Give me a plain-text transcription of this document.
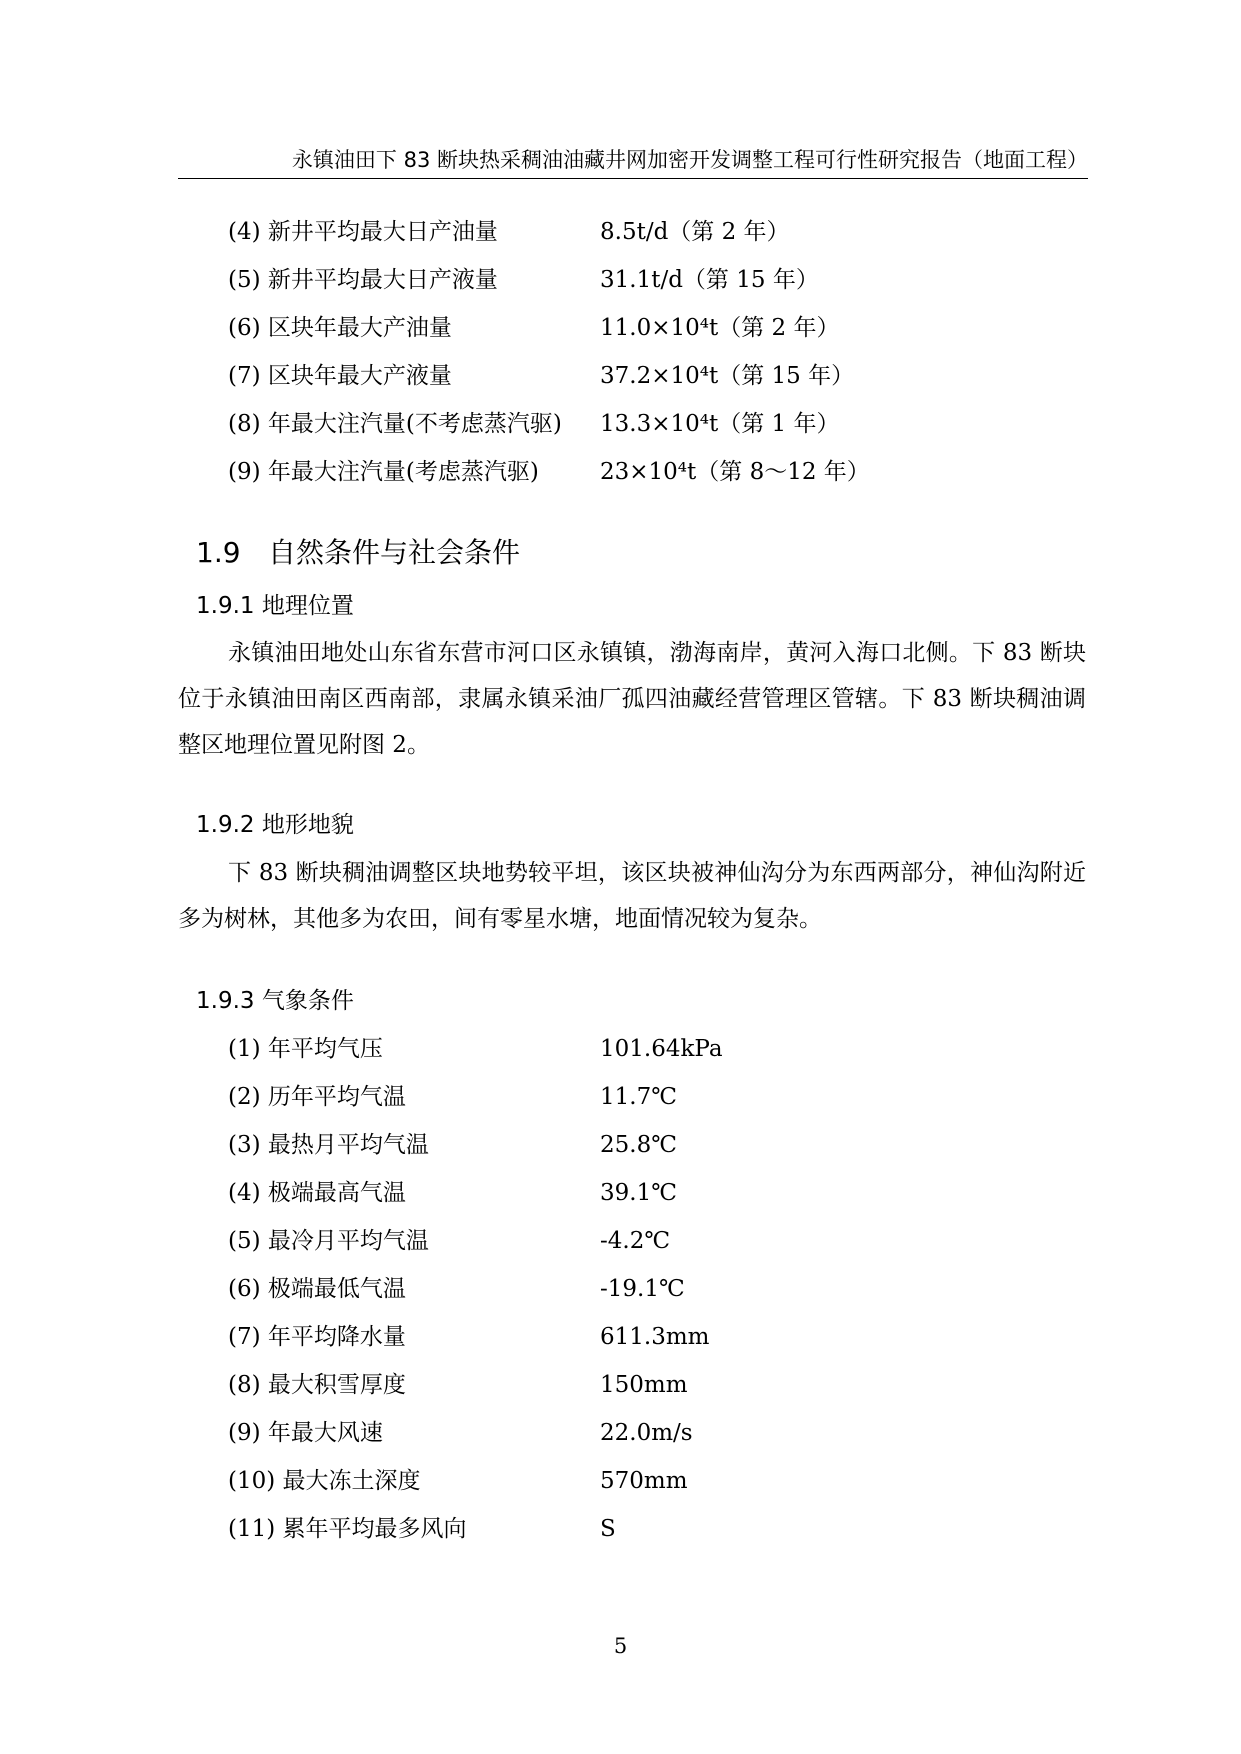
永镇油田下 83 断块热采稠油油藏井网加密开发调整工程可行性研究报告（地面工程）
(4) 新井平均最大日产油量	8.5t/d（第 2 年）
(5) 新井平均最大日产液量	31.1t/d（第 15 年）
(6) 区块年最大产油量	11.0×10⁴t（第 2 年）
(7) 区块年最大产液量	37.2×10⁴t（第 15 年）
(8) 年最大注汽量(不考虑蒸汽驱) 13.3×10⁴t（第 1 年）
(9) 年最大注汽量(考虑蒸汽驱)	23×10⁴t（第 8～12 年）
1.9 自然条件与社会条件
1.9.1 地理位置
永镇油田地处山东省东营市河口区永镇镇，渤海南岸，黄河入海口北侧。下 83 断块位于永镇油田南区西南部，隶属永镇采油厂孤四油藏经营管理区管辖。下 83 断块稠油调整区地理位置见附图 2。
1.9.2 地形地貌
下 83 断块稠油调整区块地势较平坦，该区块被神仙沟分为东西两部分，神仙沟附近多为树林，其他多为农田，间有零星水塘，地面情况较为复杂。
1.9.3 气象条件
(1) 年平均气压	101.64kPa
(2) 历年平均气温	11.7℃
(3) 最热月平均气温	25.8℃
(4) 极端最高气温	39.1℃
(5) 最冷月平均气温	-4.2℃
(6) 极端最低气温	-19.1℃
(7) 年平均降水量	611.3mm
(8) 最大积雪厚度	150mm
(9) 年最大风速	22.0m/s
(10) 最大冻土深度	570mm
(11) 累年平均最多风向	S
5
